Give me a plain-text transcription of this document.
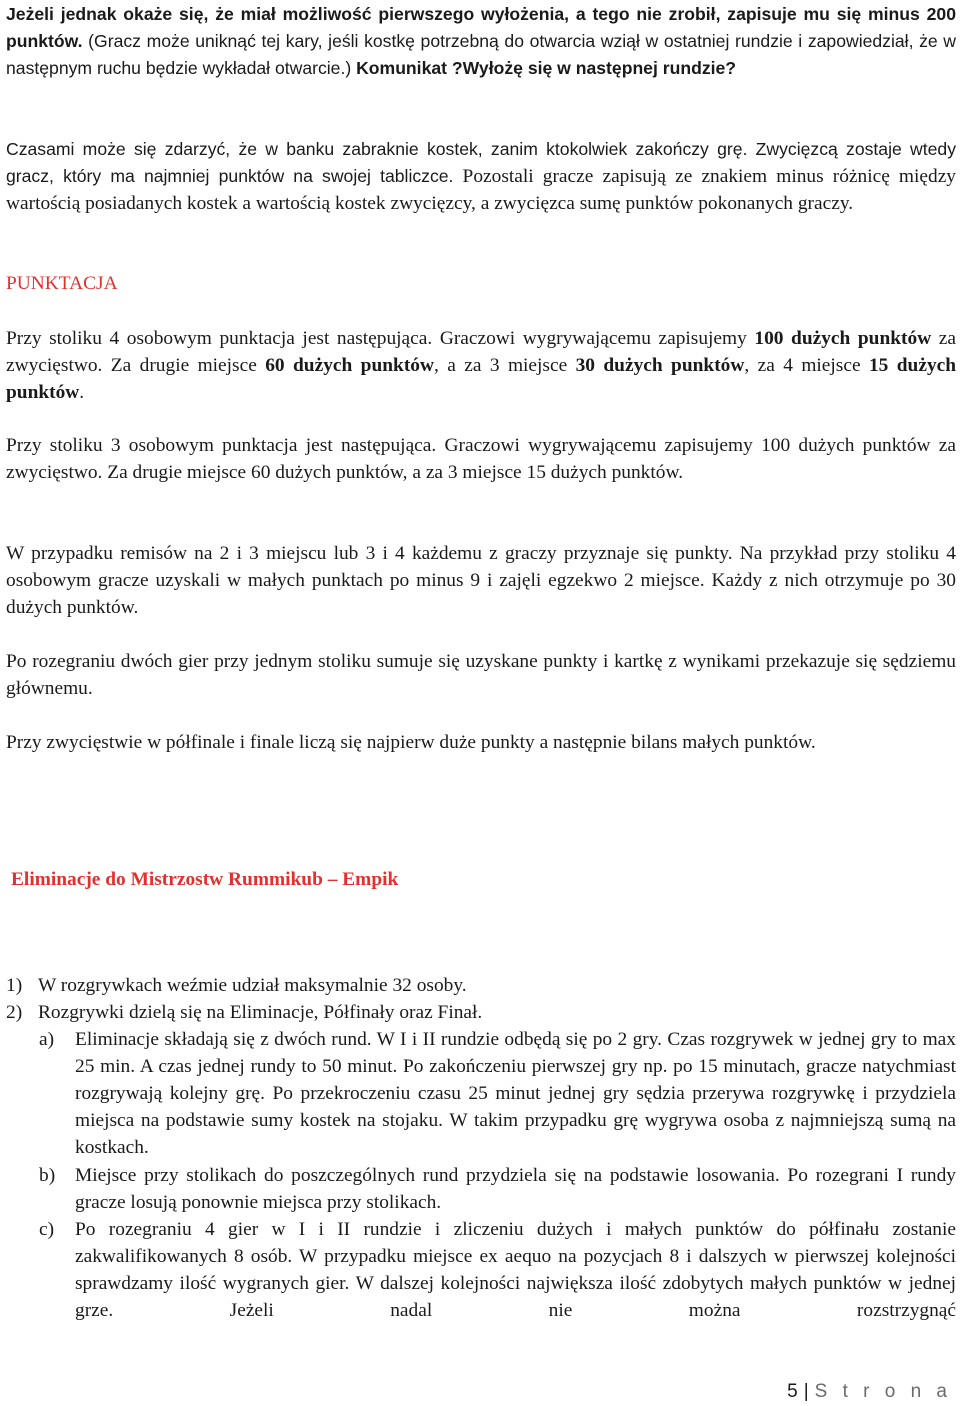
Jeżeli jednak okaże się, że miał możliwość pierwszego wyłożenia, a tego nie zrobił, zapisuje mu się minus 200 punktów. (Gracz może uniknąć tej kary, jeśli kostkę potrzebną do otwarcia wziął w ostatniej rundzie i zapowiedział, że w następnym ruchu będzie wykładał otwarcie.) Komunikat ?Wyłożę się w następnej rundzie?

Czasami może się zdarzyć, że w banku zabraknie kostek, zanim ktokolwiek zakończy grę. Zwycięzcą zostaje wtedy gracz, który ma najmniej punktów na swojej tabliczce. Pozostali gracze zapisują ze znakiem minus różnicę między wartością posiadanych kostek a wartością kostek zwycięzcy, a zwycięzca sumę punktów pokonanych graczy.

PUNKTACJA

Przy stoliku 4 osobowym punktacja jest następująca. Graczowi wygrywającemu zapisujemy 100 dużych punktów za zwycięstwo. Za drugie miejsce 60 dużych punktów, a za 3 miejsce 30 dużych punktów, za 4 miejsce 15 dużych punktów.

Przy stoliku 3 osobowym punktacja jest następująca. Graczowi wygrywającemu zapisujemy 100 dużych punktów za zwycięstwo. Za drugie miejsce 60 dużych punktów, a za 3 miejsce 15 dużych punktów.

W przypadku remisów na 2 i 3 miejscu lub 3 i 4 każdemu z graczy przyznaje się punkty. Na przykład przy stoliku 4 osobowym gracze uzyskali w małych punktach po minus 9 i zajęli egzekwo 2 miejsce. Każdy z nich otrzymuje po 30 dużych punktów.

Po rozegraniu dwóch gier przy jednym stoliku sumuje się uzyskane punkty i kartkę z wynikami przekazuje się sędziemu głównemu.

Przy zwycięstwie w półfinale i finale liczą się najpierw duże punkty a następnie bilans małych punktów.

Eliminacje do Mistrzostw Rummikub – Empik

1) W rozgrywkach weźmie udział maksymalnie 32 osoby.

2) Rozgrywki dzielą się na Eliminacje, Półfinały oraz Finał.

a) Eliminacje składają się z dwóch rund. W I i II rundzie odbędą się po 2 gry. Czas rozgrywek w jednej gry to max 25 min. A czas jednej rundy to 50 minut. Po zakończeniu pierwszej gry np. po 15 minutach, gracze natychmiast rozgrywają kolejny grę. Po przekroczeniu czasu 25 minut jednej gry sędzia przerywa rozgrywkę i przydziela miejsca na podstawie sumy kostek na stojaku. W takim przypadku grę wygrywa osoba z najmniejszą sumą na kostkach.

b) Miejsce przy stolikach do poszczególnych rund przydziela się na podstawie losowania. Po rozegrani I rundy gracze losują ponownie miejsca przy stolikach.

c) Po rozegraniu 4 gier w I i II rundzie i zliczeniu dużych i małych punktów do półfinału zostanie zakwalifikowanych 8 osób. W przypadku miejsce ex aequo na pozycjach 8 i dalszych w pierwszej kolejności sprawdzamy ilość wygranych gier. W dalszej kolejności największa ilość zdobytych małych punktów w jednej grze. Jeżeli nadal nie można rozstrzygnąć

5 | S t r o n a
